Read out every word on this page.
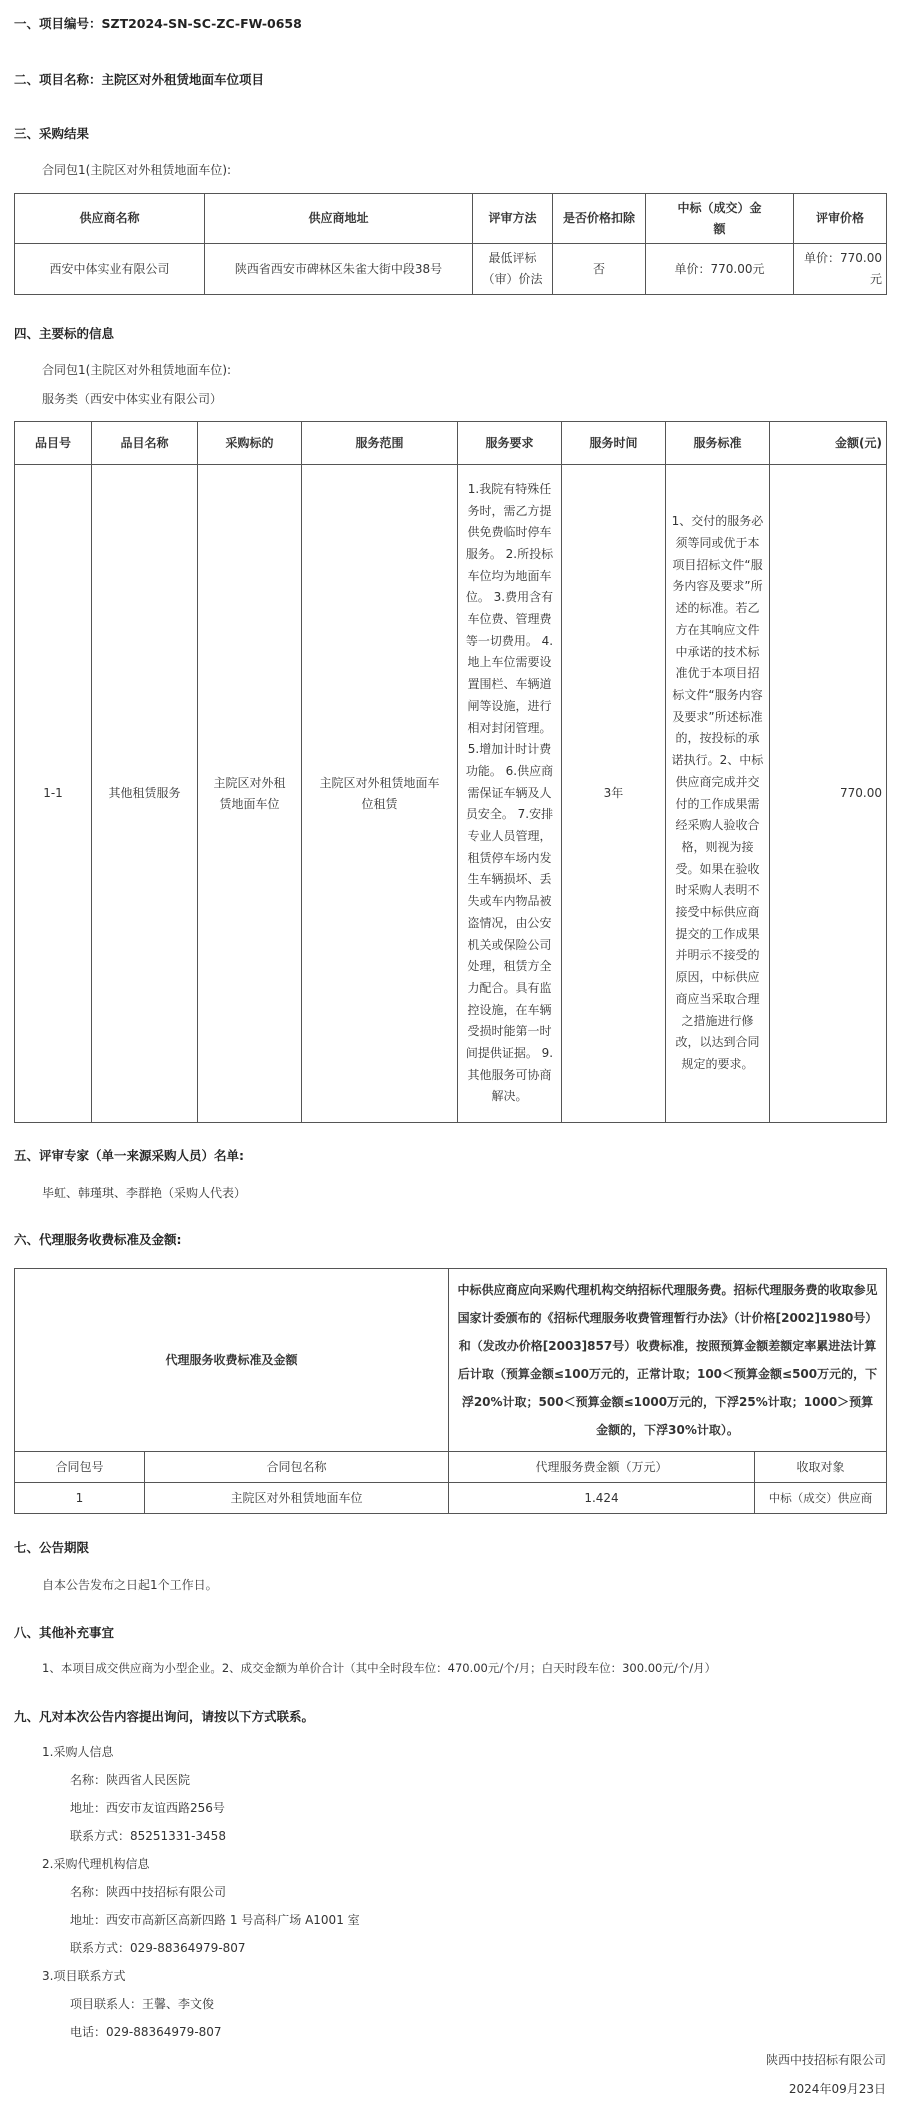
一、项目编号：SZT2024-SN-SC-ZC-FW-0658
二、项目名称：主院区对外租赁地面车位项目
三、采购结果
合同包1(主院区对外租赁地面车位):
供应商名称	供应商地址	评审方法	是否价格扣除	中标（成交）金额	评审价格
西安中体实业有限公司	陕西省西安市碑林区朱雀大街中段38号	最低评标（审）价法	否	单价：770.00元	单价：770.00元
四、主要标的信息
合同包1(主院区对外租赁地面车位):
服务类（西安中体实业有限公司）
品目号	品目名称	采购标的	服务范围	服务要求	服务时间	服务标准	金额(元)
1-1	其他租赁服务	主院区对外租赁地面车位	主院区对外租赁地面车位租赁	1.我院有特殊任务时，需乙方提供免费临时停车服务。 2.所投标车位均为地面车位。 3.费用含有车位费、管理费等一切费用。 4.地上车位需要设置围栏、车辆道闸等设施，进行相对封闭管理。 5.增加计时计费功能。 6.供应商需保证车辆及人员安全。 7.安排专业人员管理，租赁停车场内发生车辆损坏、丢失或车内物品被盗情况，由公安机关或保险公司处理，租赁方全力配合。具有监控设施，在车辆受损时能第一时间提供证据。 9.其他服务可协商解决。	3年	1、交付的服务必须等同或优于本项目招标文件“服务内容及要求”所述的标准。若乙方在其响应文件中承诺的技术标准优于本项目招标文件“服务内容及要求”所述标准的，按投标的承诺执行。2、中标供应商完成并交付的工作成果需经采购人验收合格，则视为接受。如果在验收时采购人表明不接受中标供应商提交的工作成果并明示不接受的原因，中标供应商应当采取合理之措施进行修改，以达到合同规定的要求。	770.00
五、评审专家（单一来源采购人员）名单:
毕虹、韩瑾琪、李群艳（采购人代表）
六、代理服务收费标准及金额:
代理服务收费标准及金额		中标供应商应向采购代理机构交纳招标代理服务费。招标代理服务费的收取参见国家计委颁布的《招标代理服务收费管理暂行办法》（计价格[2002]1980号）和（发改办价格[2003]857号）收费标准，按照预算金额差额定率累进法计算后计取（预算金额≤100万元的，正常计取；100＜预算金额≤500万元的，下浮20%计取；500＜预算金额≤1000万元的，下浮25%计取；1000＞预算金额的，下浮30%计取）。	
合同包号	合同包名称	代理服务费金额（万元）	收取对象
1	主院区对外租赁地面车位	1.424	中标（成交）供应商
七、公告期限
自本公告发布之日起1个工作日。
八、其他补充事宜
1、本项目成交供应商为小型企业。2、成交金额为单价合计（其中全时段车位：470.00元/个/月；白天时段车位：300.00元/个/月）
九、凡对本次公告内容提出询问，请按以下方式联系。
1.采购人信息
名称：陕西省人民医院
地址：西安市友谊西路256号
联系方式：85251331-3458
2.采购代理机构信息
名称：陕西中技招标有限公司
地址：西安市高新区高新四路 1 号高科广场 A1001 室
联系方式：029-88364979-807
3.项目联系方式
项目联系人：王馨、李文俊
电话：029-88364979-807
陕西中技招标有限公司
2024年09月23日
